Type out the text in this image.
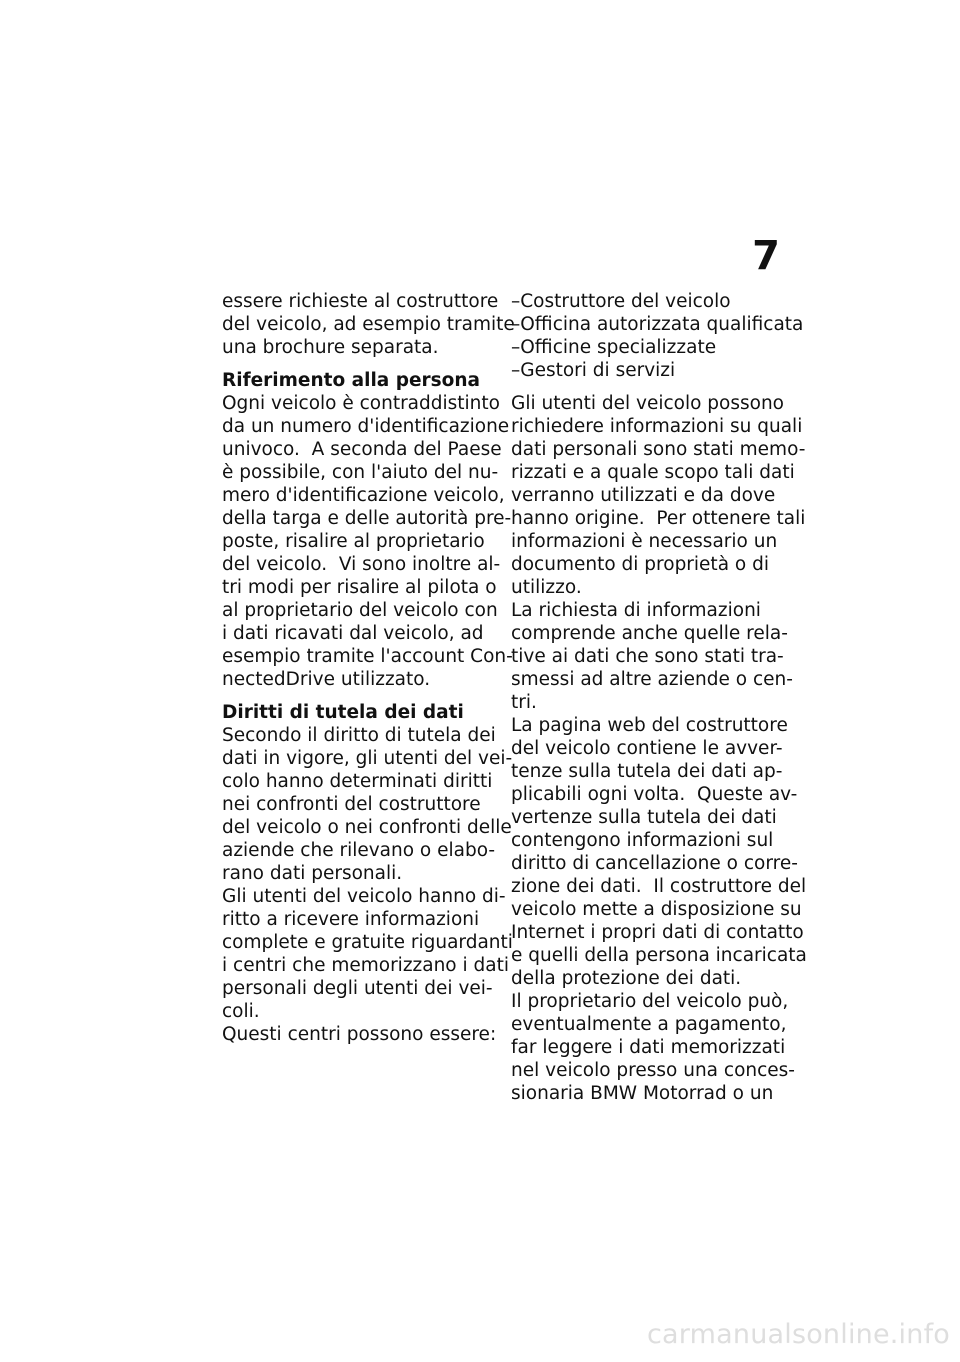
7
essere richieste al costruttore
del veicolo, ad esempio tramite
una brochure separata.
Riferimento alla persona
Ogni veicolo è contraddistinto
da un numero d'identificazione
univoco.  A seconda del Paese
è possibile, con l'aiuto del nu-
mero d'identificazione veicolo,
della targa e delle autorità pre-
poste, risalire al proprietario
del veicolo.  Vi sono inoltre al-
tri modi per risalire al pilota o
al proprietario del veicolo con
i dati ricavati dal veicolo, ad
esempio tramite l'account Con-
nectedDrive utilizzato.
Diritti di tutela dei dati
Secondo il diritto di tutela dei
dati in vigore, gli utenti del vei-
colo hanno determinati diritti
nei confronti del costruttore
del veicolo o nei confronti delle
aziende che rilevano o elabo-
rano dati personali.
Gli utenti del veicolo hanno di-
ritto a ricevere informazioni
complete e gratuite riguardanti
i centri che memorizzano i dati
personali degli utenti dei vei-
coli.
Questi centri possono essere:
–Costruttore del veicolo
–Officina autorizzata qualificata
–Officine specializzate
–Gestori di servizi
Gli utenti del veicolo possono
richiedere informazioni su quali
dati personali sono stati memo-
rizzati e a quale scopo tali dati
verranno utilizzati e da dove
hanno origine.  Per ottenere tali
informazioni è necessario un
documento di proprietà o di
utilizzo.
La richiesta di informazioni
comprende anche quelle rela-
tive ai dati che sono stati tra-
smessi ad altre aziende o cen-
tri.
La pagina web del costruttore
del veicolo contiene le avver-
tenze sulla tutela dei dati ap-
plicabili ogni volta.  Queste av-
vertenze sulla tutela dei dati
contengono informazioni sul
diritto di cancellazione o corre-
zione dei dati.  Il costruttore del
veicolo mette a disposizione su
Internet i propri dati di contatto
e quelli della persona incaricata
della protezione dei dati.
Il proprietario del veicolo può,
eventualmente a pagamento,
far leggere i dati memorizzati
nel veicolo presso una conces-
sionaria BMW Motorrad o un
carmanualsonline.info
